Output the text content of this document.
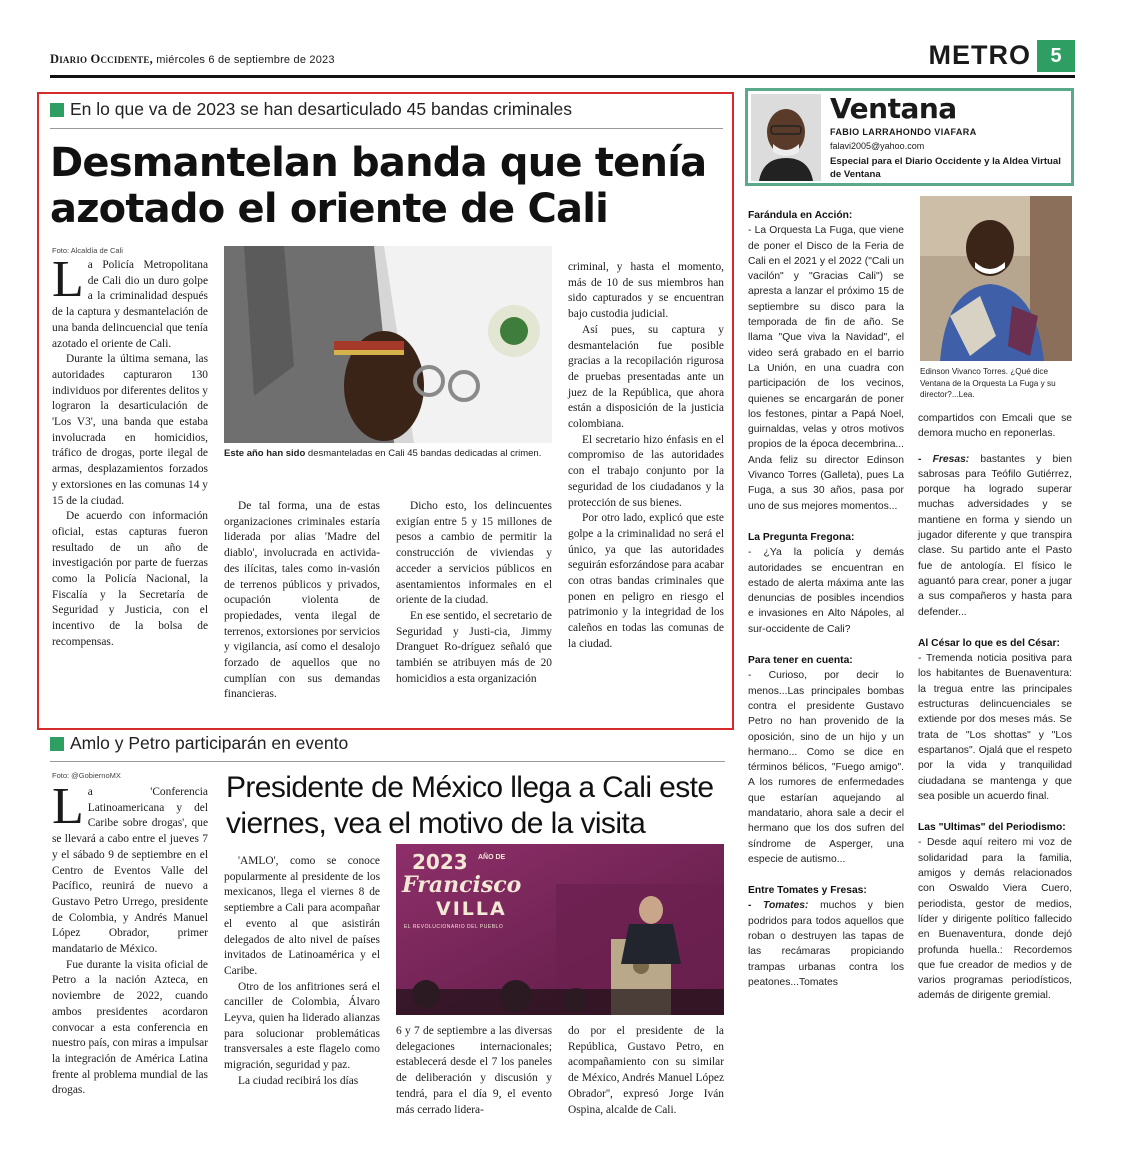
Diario Occidente, miércoles 6 de septiembre de 2023	METRO 5
En lo que va de 2023 se han desarticulado 45 bandas criminales
Desmantelan banda que tenía
azotado el oriente de Cali
Foto: Alcaldía de Cali

La Policía Metropolitana de Cali dio un duro golpe a la criminalidad después de la captura y desmantelación de una banda delincuencial que tenía azotado el oriente de Cali.

Durante la última semana, las autoridades capturaron 130 individuos por diferentes delitos y lograron la desarticulación de 'Los V3', una banda que estaba involucrada en homicidios, tráfico de drogas, porte ilegal de armas, desplazamientos forzados y extorsiones en las comunas 14 y 15 de la ciudad.

De acuerdo con información oficial, estas capturas fueron resultado de un año de investigación por parte de fuerzas como la Policía Nacional, la Fiscalía y la Secretaría de Seguridad y Justicia, con el incentivo de la bolsa de recompensas.

Este año han sido desmanteladas en Cali 45 bandas dedicadas al crimen.

De tal forma, una de estas organizaciones criminales estaría liderada por alias 'Madre del diablo', involucrada en activida-des ilícitas, tales como in-vasión de terrenos públicos y privados, ocupación violenta de propiedades, venta ilegal de terrenos, extorsiones por servicios y vigilancia, así como el desalojo forzado de aquellos que no cumplían con sus demandas financieras.

Dicho esto, los delincuentes exigían entre 5 y 15 millones de pesos a cambio de permitir la construcción de viviendas y acceder a servicios públicos en asentamientos informales en el oriente de la ciudad.

En ese sentido, el secretario de Seguridad y Justi-cia, Jimmy Dranguet Ro-dríguez señaló que también se atribuyen más de 20 homicidios a esta organización

criminal, y hasta el momento, más de 10 de sus miembros han sido capturados y se encuentran bajo custodia judicial.

Así pues, su captura y desmantelación fue posible gracias a la recopilación rigurosa de pruebas presentadas ante un juez de la República, que ahora están a disposición de la justicia colombiana.

El secretario hizo énfasis en el compromiso de las autoridades con el trabajo conjunto por la seguridad de los ciudadanos y la protección de sus bienes.

Por otro lado, explicó que este golpe a la criminalidad no será el único, ya que las autoridades seguirán esforzándose para acabar con otras bandas criminales que ponen en peligro en riesgo el patrimonio y la integridad de los caleños en todas las comunas de la ciudad.

Amlo y Petro participarán en evento
Foto: @GobiernoMX

La 'Conferencia Latinoamericana y del Caribe sobre drogas', que se llevará a cabo entre el jueves 7 y el sábado 9 de septiembre en el Centro de Eventos Valle del Pacífico, reunirá de nuevo a Gustavo Petro Urrego, presidente de Colombia, y Andrés Manuel López Obrador, primer mandatario de México.

Fue durante la visita oficial de Petro a la nación Azteca, en noviembre de 2022, cuando ambos presidentes acordaron convocar a esta conferencia en nuestro país, con miras a impulsar la integración de América Latina frente al problema mundial de las drogas.

Presidente de México llega a Cali este
viernes, vea el motivo de la visita

'AMLO', como se conoce popularmente al presidente de los mexicanos, llega el viernes 8 de septiembre a Cali para acompañar el evento al que asistirán delegados de alto nivel de países invitados de Latinoamérica y el Caribe.

Otro de los anfitriones será el canciller de Colombia, Álvaro Leyva, quien ha liderado alianzas para solucionar problemáticas transversales a este flagelo como migración, seguridad y paz.

La ciudad recibirá los días

2023 AÑO DE
Francisco
VILLA
EL REVOLUCIONARIO DEL PUEBLO

6 y 7 de septiembre a las diversas delegaciones internacionales; establecerá desde el 7 los paneles de deliberación y discusión y tendrá, para el día 9, el evento más cerrado lidera-

do por el presidente de la República, Gustavo Petro, en acompañamiento con su similar de México, Andrés Manuel López Obrador'', expresó Jorge Iván Ospina, alcalde de Cali.

Ventana
FABIO LARRAHONDO VIAFARA
falavi2005@yahoo.com
Especial para el Diario Occidente y la Aldea Virtual de Ventana
Edinson Vivanco Torres. ¿Qué dice Ventana de la Orquesta La Fuga y su director?...Lea.
Farándula en Acción:
- La Orquesta La Fuga, que viene de poner el Disco de la Feria de Cali en el 2021 y el 2022 ("Cali un vacilón" y "Gracias Cali") se apresta a lanzar el próximo 15 de septiembre su disco para la temporada de fin de año. Se llama "Que viva la Navidad", el video será grabado en el barrio La Unión, en una cuadra con participación de los vecinos, quienes se encargarán de poner los festones, pintar a Papá Noel, guirnaldas, velas y otros motivos propios de la época decembrina... Anda feliz su director Edinson Vivanco Torres (Galleta), pues La Fuga, a sus 30 años, pasa por uno de sus mejores momentos...
La Pregunta Fregona:
- ¿Ya la policía y demás autoridades se encuentran en estado de alerta máxima ante las denuncias de posibles incendios e invasiones en Alto Nápoles, al sur-occidente de Cali?
Para tener en cuenta:
- Curioso, por decir lo menos...Las principales bombas contra el presidente Gustavo Petro no han provenido de la oposición, sino de un hijo y un hermano... Como se dice en términos bélicos, "Fuego amigo". A los rumores de enfermedades que estarían aquejando al mandatario, ahora sale a decir el hermano que los dos sufren del síndrome de Asperger, una especie de autismo...
Entre Tomates y Fresas:
- Tomates: muchos y bien podridos para todos aquellos que roban o destruyen las tapas de las recámaras propiciando trampas urbanas contra los peatones...Tomates
compartidos con Emcali que se demora mucho en reponerlas.
- Fresas: bastantes y bien sabrosas para Teófilo Gutiérrez, porque ha logrado superar muchas adversidades y se mantiene en forma y siendo un jugador diferente y que transpira clase. Su partido ante el Pasto fue de antología. El físico le aguantó para crear, poner a jugar a sus compañeros y hasta para defender...
Al César lo que es del César:
- Tremenda noticia positiva para los habitantes de Buenaventura: la tregua entre las principales estructuras delincuenciales se extiende por dos meses más. Se trata de "Los shottas" y "Los espartanos". Ojalá que el respeto por la vida y tranquilidad ciudadana se mantenga y que sea posible un acuerdo final.
Las "Ultimas" del Periodismo:
- Desde aquí reitero mi voz de solidaridad para la familia, amigos y demás relacionados con Oswaldo Viera Cuero, periodista, gestor de medios, líder y dirigente político fallecido en Buenaventura, donde dejó profunda huella.: Recordemos que fue creador de medios y de varios programas periodísticos, además de dirigente gremial.
